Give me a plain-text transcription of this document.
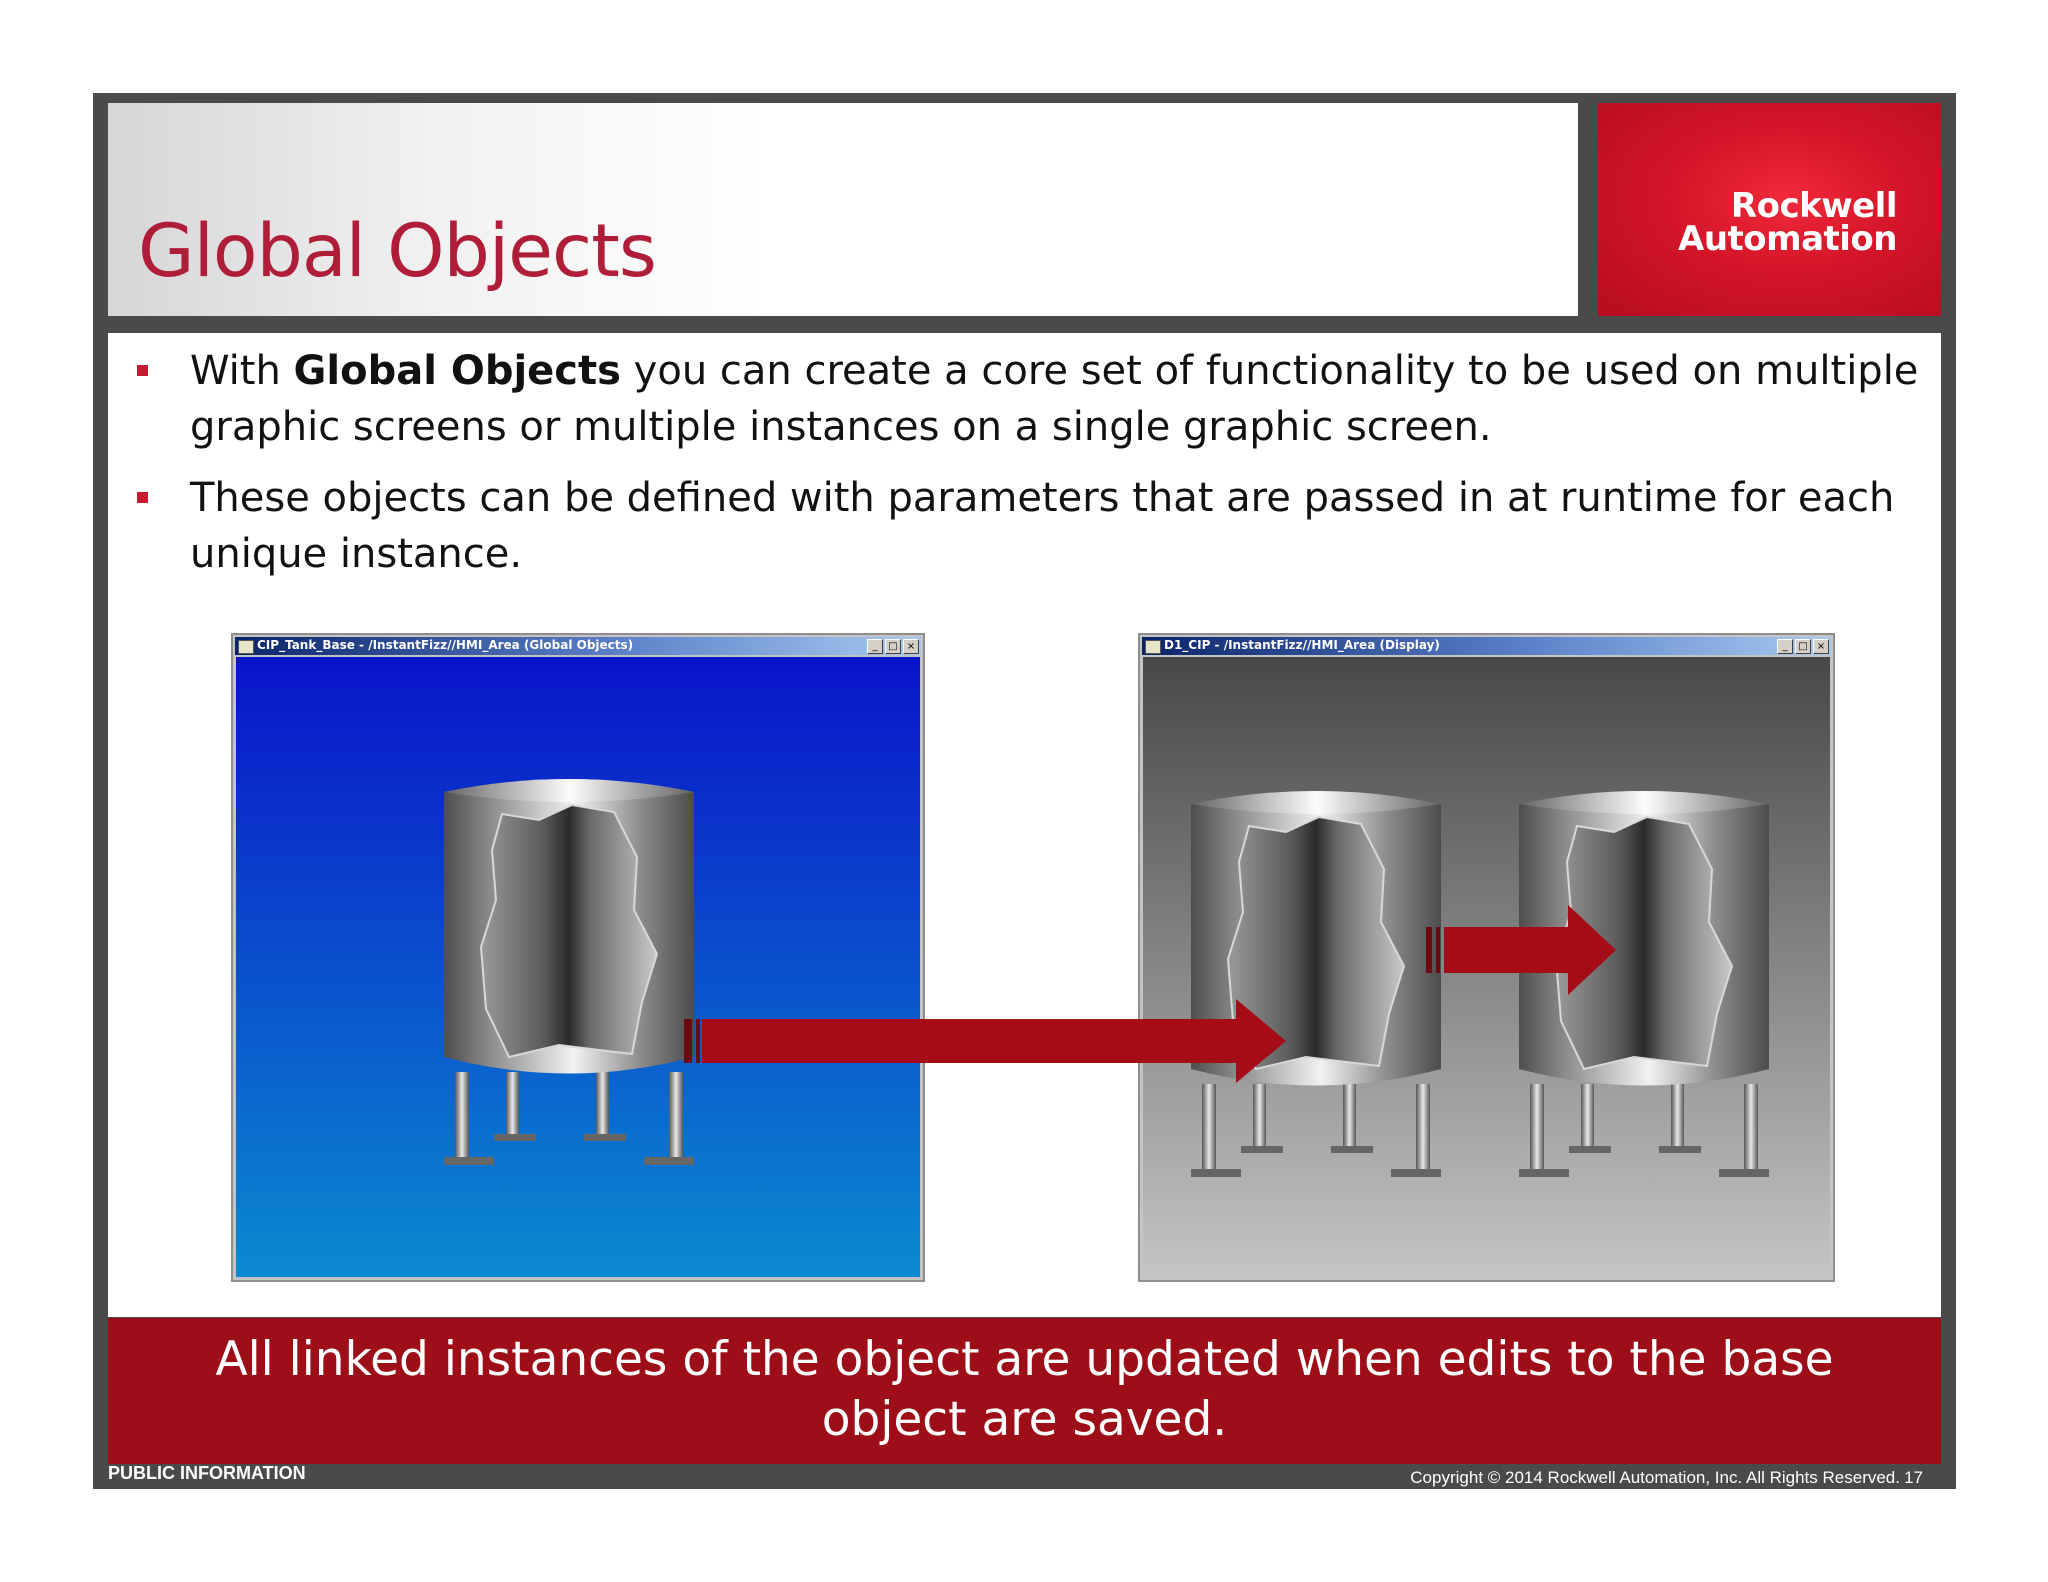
Global Objects
Rockwell
Automation
With Global Objects you can create a core set of functionality to be used on multiple graphic screens or multiple instances on a single graphic screen.
These objects can be defined with parameters that are passed in at runtime for each unique instance.
CIP_Tank_Base - /InstantFizz//HMI_Area (Global Objects)	_	□ ×	D1_CIP - /InstantFizz//HMI_Area (Display)	_	□ ×
All linked instances of the object are updated when edits to the base object are saved.
PUBLIC INFORMATION	Copyright © 2014 Rockwell Automation, Inc. All Rights Reserved. 17
